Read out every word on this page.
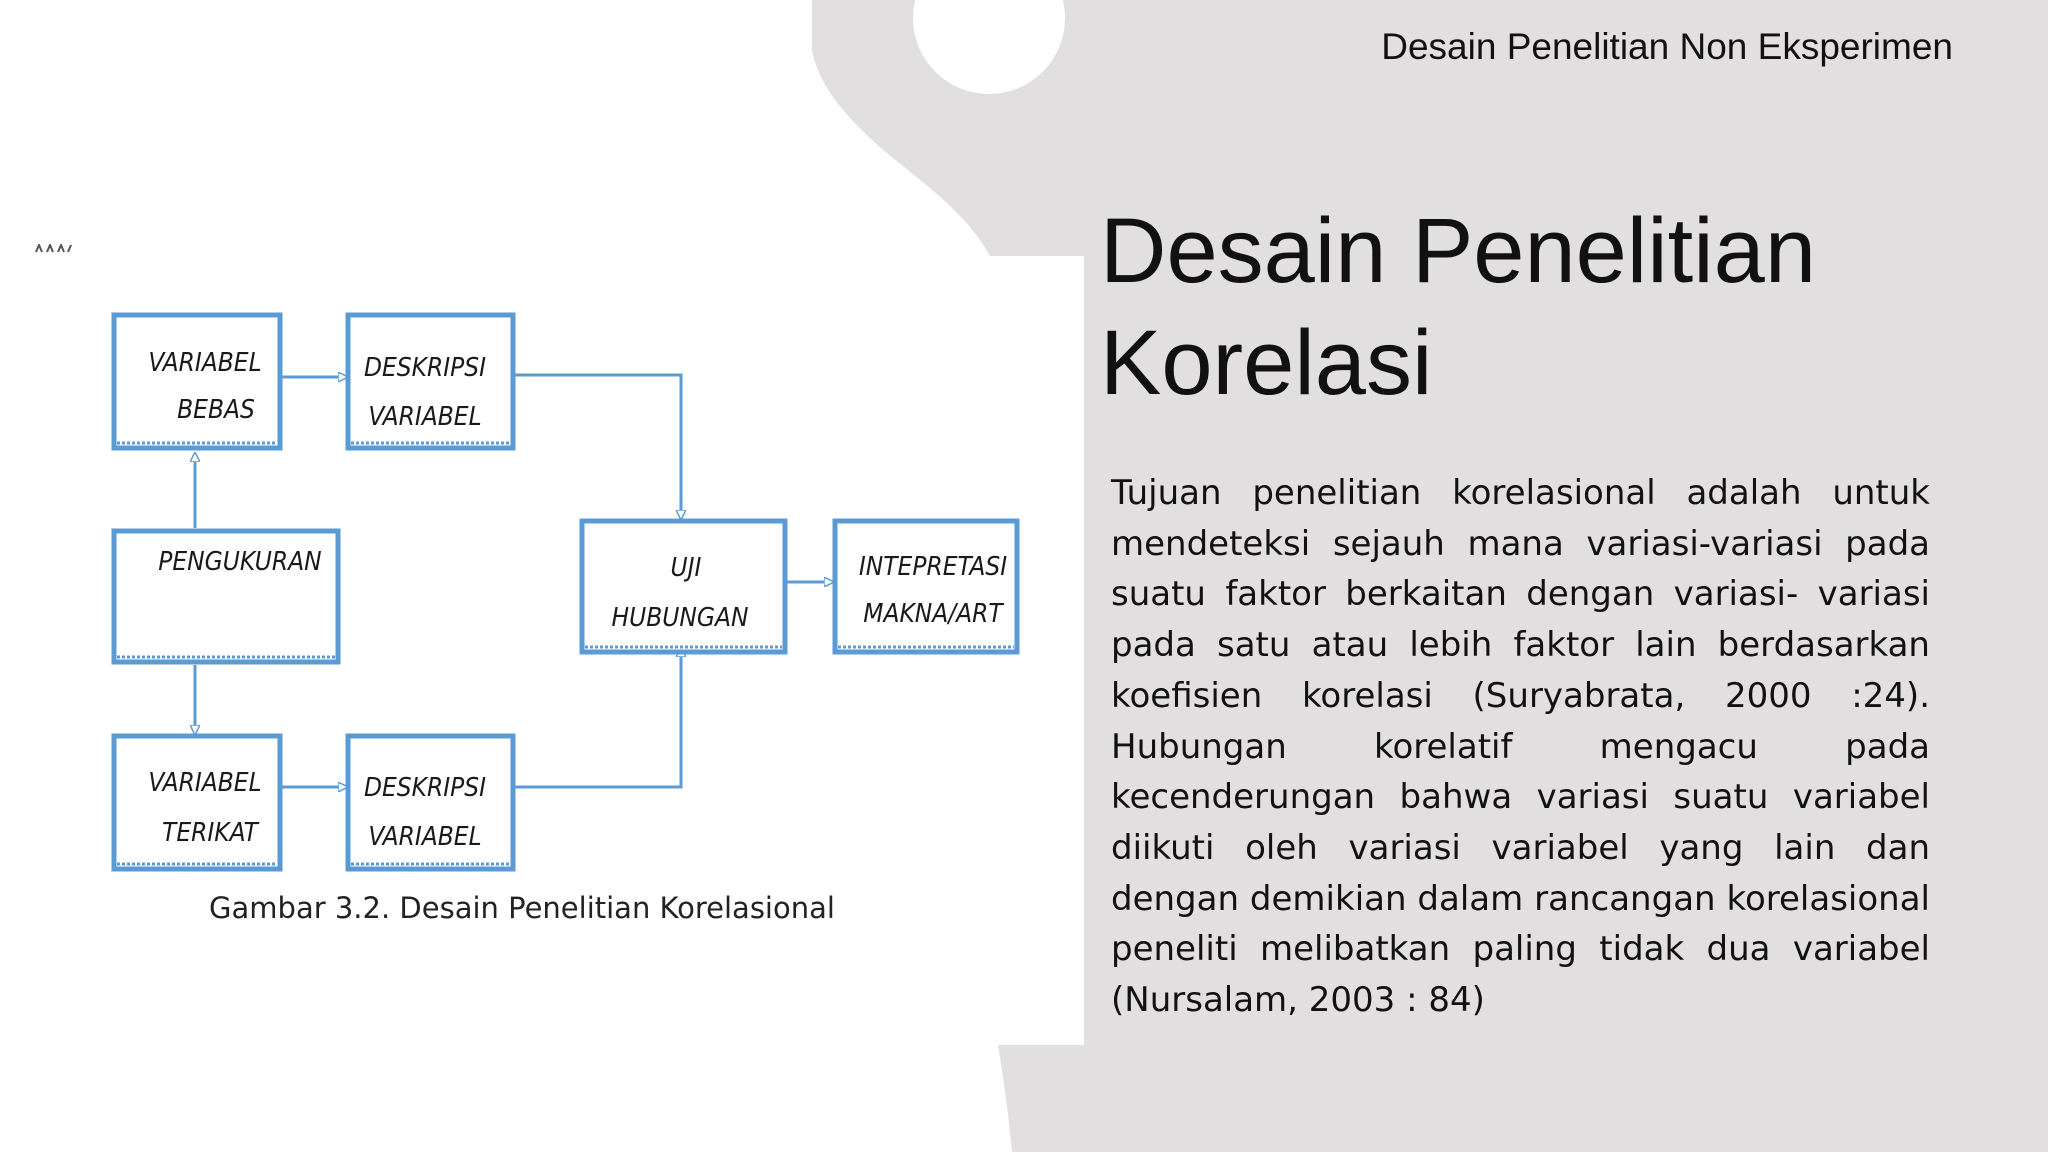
Desain Penelitian Non Eksperimen
Desain Penelitian
Korelasi
Tujuan penelitian korelasional adalah untuk mendeteksi sejauh mana variasi-variasi pada suatu faktor berkaitan dengan variasi- variasi pada satu atau lebih faktor lain berdasarkan koefisien korelasi (Suryabrata, 2000 :24). Hubungan korelatif mengacu pada kecenderungan bahwa variasi suatu variabel diikuti oleh variasi variabel yang lain dan dengan demikian dalam rancangan korelasional peneliti melibatkan paling tidak dua variabel (Nursalam, 2003 : 84)
VARIABEL
BEBAS
DESKRIPSI
VARIABEL
PENGUKURAN	UJI
HUBUNGAN
INTEPRETASI
MAKNA/ART
VARIABEL
TERIKAT
DESKRIPSI
VARIABEL
Gambar 3.2. Desain Penelitian Korelasional
